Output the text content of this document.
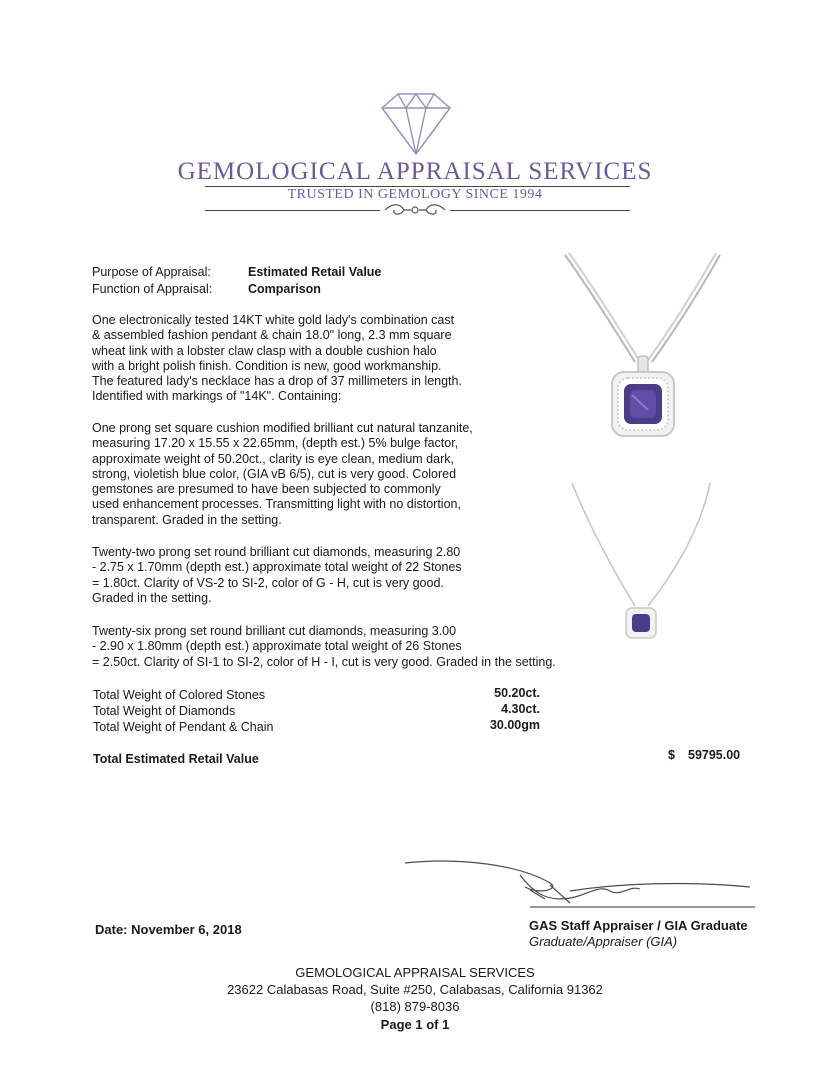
GEMOLOGICAL APPRAISAL SERVICES
TRUSTED IN GEMOLOGY SINCE 1994
Purpose of Appraisal:	Estimated Retail Value
Function of Appraisal:	Comparison
One electronically tested 14KT white gold lady's combination cast
& assembled fashion pendant & chain 18.0" long, 2.3 mm square
wheat link with a lobster claw clasp with a double cushion halo
with a bright polish finish. Condition is new, good workmanship.
The featured lady's necklace has a drop of 37 millimeters in length.
Identified with markings of "14K". Containing:
One prong set square cushion modified brilliant cut natural tanzanite,
measuring 17.20 x 15.55 x 22.65mm, (depth est.) 5% bulge factor,
approximate weight of 50.20ct., clarity is eye clean, medium dark,
strong, violetish blue color, (GIA vB 6/5), cut is very good. Colored
gemstones are presumed to have been subjected to commonly
used enhancement processes. Transmitting light with no distortion,
transparent. Graded in the setting.
Twenty-two prong set round brilliant cut diamonds, measuring 2.80
- 2.75 x 1.70mm (depth est.) approximate total weight of 22 Stones
= 1.80ct. Clarity of VS-2 to SI-2, color of G - H, cut is very good.
Graded in the setting.
Twenty-six prong set round brilliant cut diamonds, measuring 3.00
- 2.90 x 1.80mm (depth est.) approximate total weight of 26 Stones
= 2.50ct. Clarity of SI-1 to SI-2, color of H - I, cut is very good. Graded in the setting.
Total Weight of Colored Stones	50.20ct.
Total Weight of Diamonds	4.30ct.
Total Weight of Pendant & Chain	30.00gm
Total Estimated Retail Value	$ 59795.00
Date: November 6, 2018	GAS Staff Appraiser / GIA Graduate
Graduate/Appraiser (GIA)
GEMOLOGICAL APPRAISAL SERVICES
23622 Calabasas Road, Suite #250, Calabasas, California 91362
(818) 879-8036
Page 1 of 1
